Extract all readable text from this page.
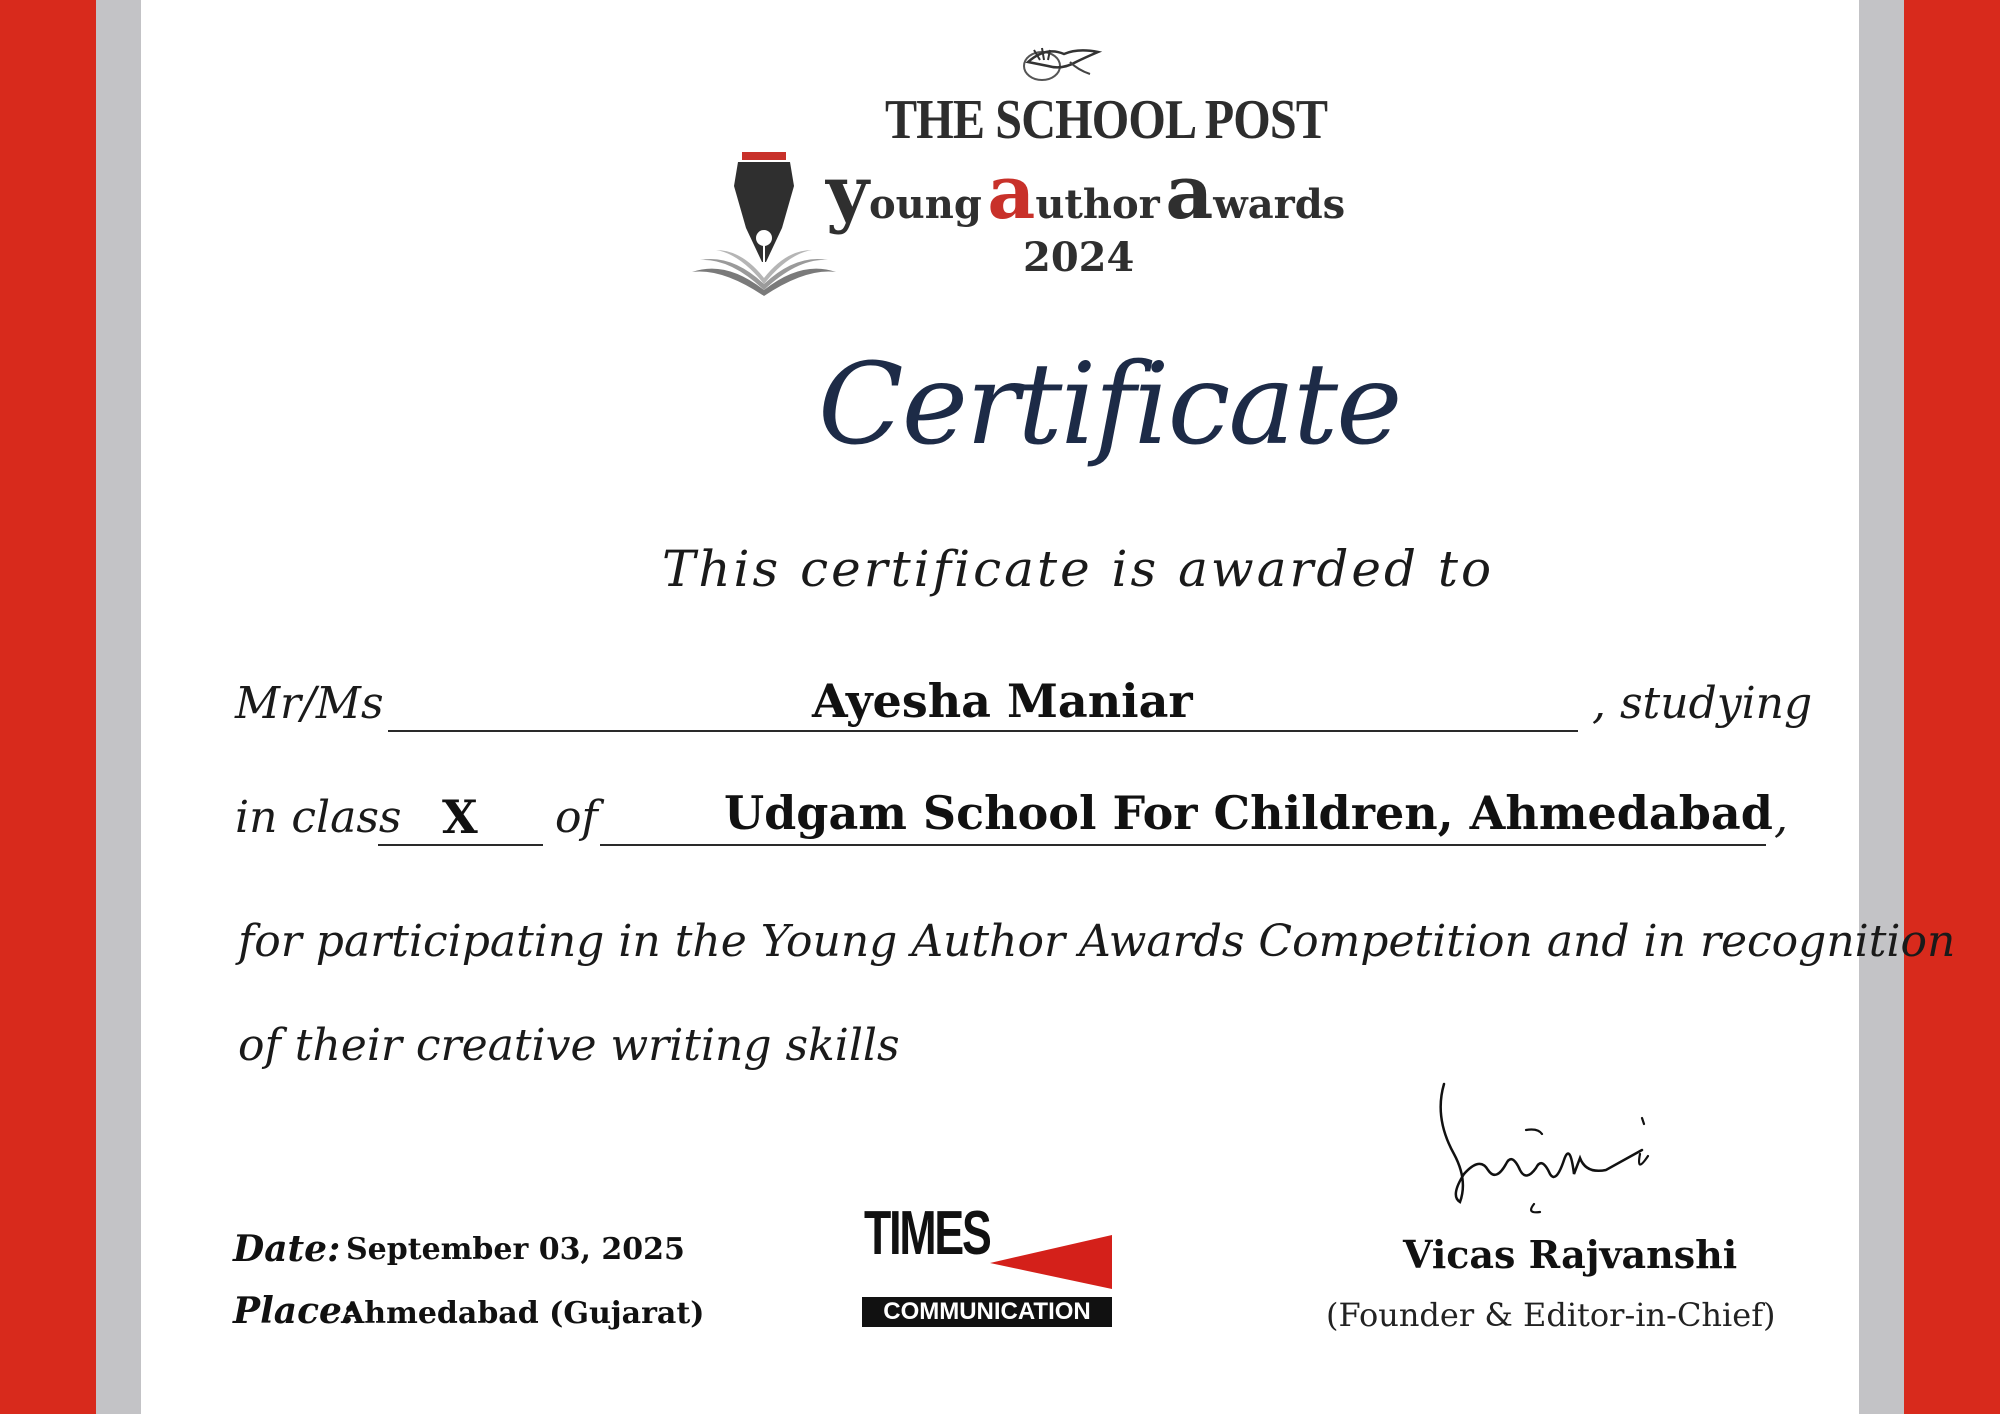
THE SCHOOL POST
young author awards
2024
Certificate
This certificate is awarded to
Mr/Ms	Ayesha Maniar	, studying
in class X of	Udgam School For Children, Ahmedabad ,
for participating in the Young Author Awards Competition and in recognition
of their creative writing skills
Date: September 03, 2025
Place:
Ahmedabad (Gujarat)
TIMES
COMMUNICATION
Vicas Rajvanshi
(Founder & Editor-in-Chief)
